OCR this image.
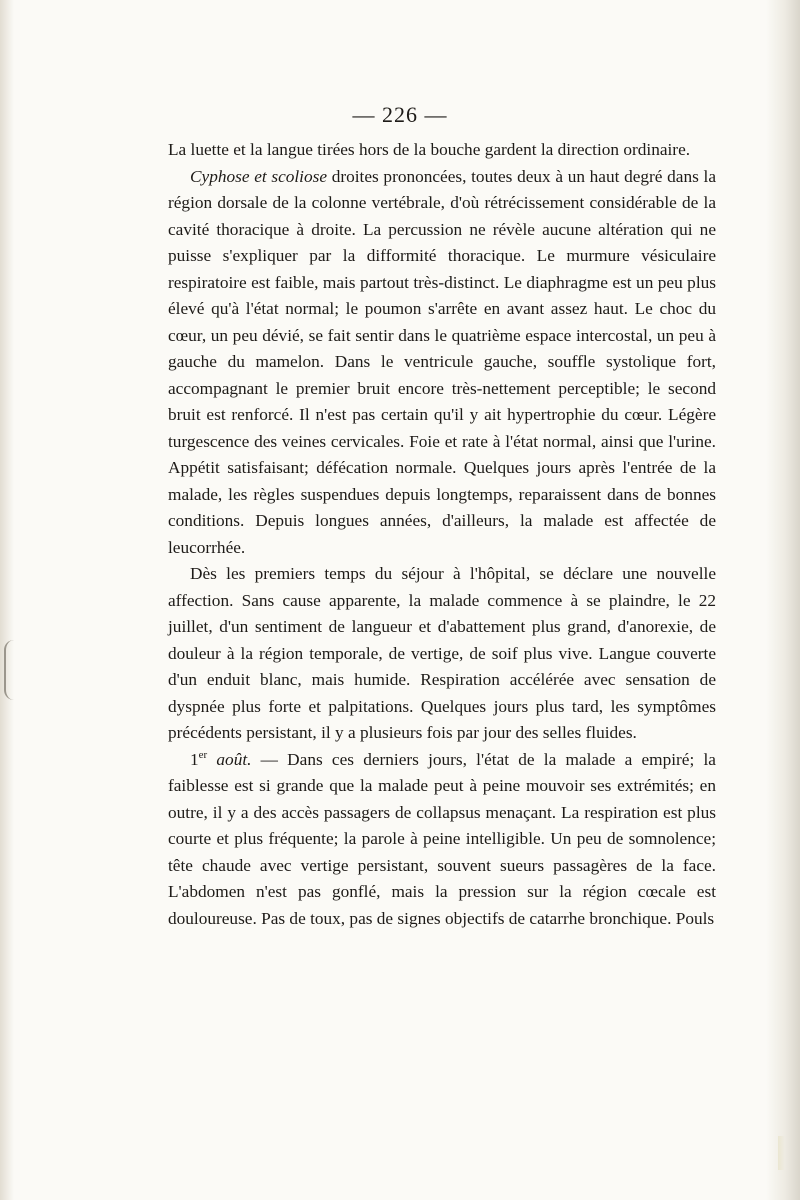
— 226 —

La luette et la langue tirées hors de la bouche gardent la direction ordinaire.

Cyphose et scoliose droites prononcées, toutes deux à un haut degré dans la région dorsale de la colonne vertébrale, d'où rétrécissement considérable de la cavité thoracique à droite. La percussion ne révèle aucune altération qui ne puisse s'expliquer par la difformité thoracique. Le murmure vésiculaire respiratoire est faible, mais partout très-distinct. Le diaphragme est un peu plus élevé qu'à l'état normal; le poumon s'arrête en avant assez haut. Le choc du cœur, un peu dévié, se fait sentir dans le quatrième espace intercostal, un peu à gauche du mamelon. Dans le ventricule gauche, souffle systolique fort, accompagnant le premier bruit encore très-nettement perceptible; le second bruit est renforcé. Il n'est pas certain qu'il y ait hypertrophie du cœur. Légère turgescence des veines cervicales. Foie et rate à l'état normal, ainsi que l'urine. Appétit satisfaisant; défécation normale. Quelques jours après l'entrée de la malade, les règles suspendues depuis longtemps, reparaissent dans de bonnes conditions. Depuis longues années, d'ailleurs, la malade est affectée de leucorrhée.

Dès les premiers temps du séjour à l'hôpital, se déclare une nouvelle affection. Sans cause apparente, la malade commence à se plaindre, le 22 juillet, d'un sentiment de langueur et d'abattement plus grand, d'anorexie, de douleur à la région temporale, de vertige, de soif plus vive. Langue couverte d'un enduit blanc, mais humide. Respiration accélérée avec sensation de dyspnée plus forte et palpitations. Quelques jours plus tard, les symptômes précédents persistant, il y a plusieurs fois par jour des selles fluides.

1er août. — Dans ces derniers jours, l'état de la malade a empiré; la faiblesse est si grande que la malade peut à peine mouvoir ses extrémités; en outre, il y a des accès passagers de collapsus menaçant. La respiration est plus courte et plus fréquente; la parole à peine intelligible. Un peu de somnolence; tête chaude avec vertige persistant, souvent sueurs passagères de la face. L'abdomen n'est pas gonflé, mais la pression sur la région cœcale est douloureuse. Pas de toux, pas de signes objectifs de catarrhe bronchique. Pouls
